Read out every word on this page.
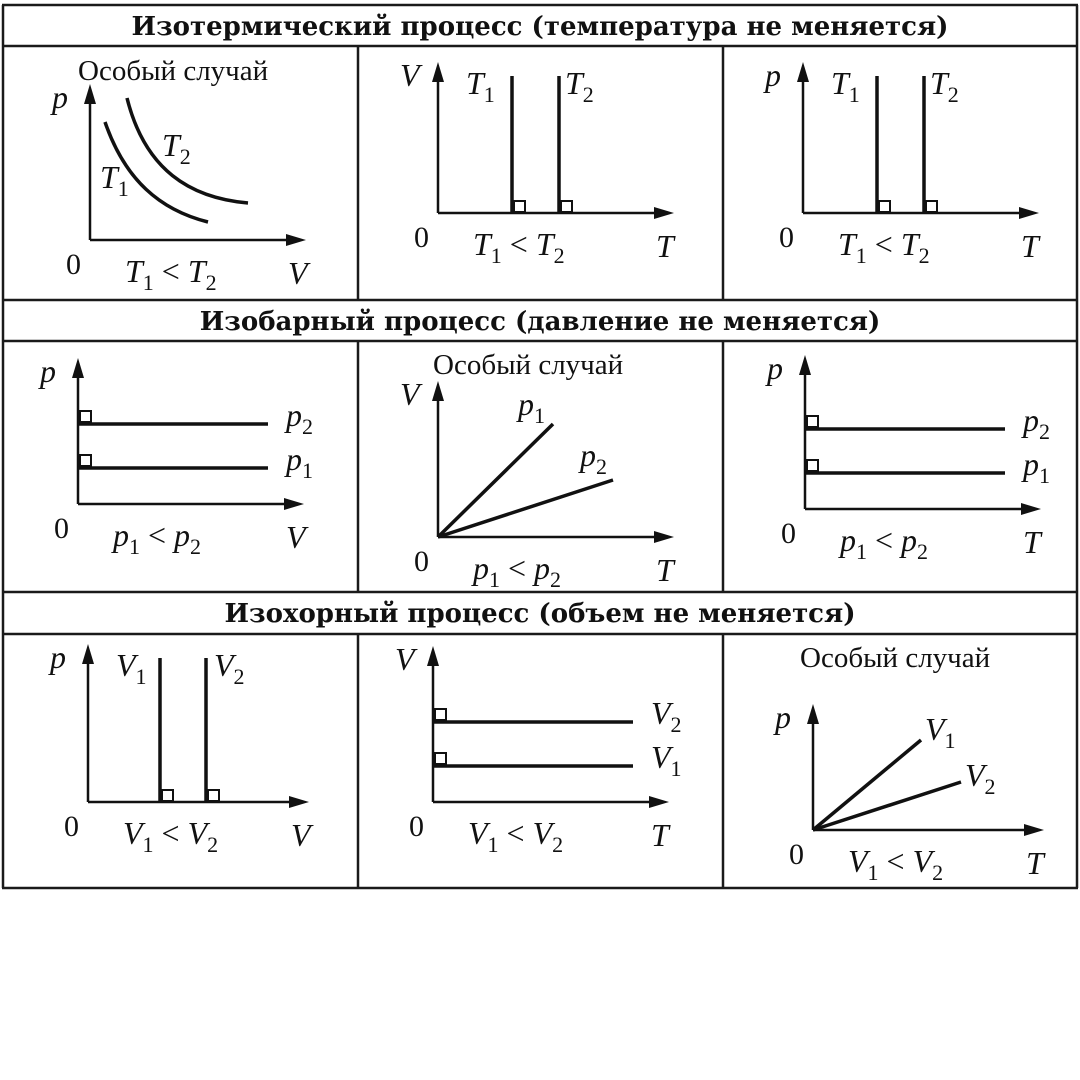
Изотермический процесс (температура не меняется)
Изобарный процесс (давление не меняется)
Изохорный процесс (объем не меняется)
p
V
0
Особый случай
$T_1 < T_2$
$T_1$
$T_2$
V
T
0 $T_1 < T_2$
$T_1$ $T_2$
p
T
0 $T_1 < T_2$
$T_1$ $T_2$
p
V
0 $p_1 < p_2$
$p_2$
$p_1$
V
T
0
Особый случай
$p_1 < p_2$
$p_1$
$p_2$
p
T
0 $p_1 < p_2$
$p_2$
$p_1$
p
V
0 $V_1 < V_2$
$V_1$ $V_2$	V
T
0 $V_1 < V_2$
$V_2$
$V_1$
p
T
0
Особый случай
$V_1 < V_2$
$V_1$
$V_2$
